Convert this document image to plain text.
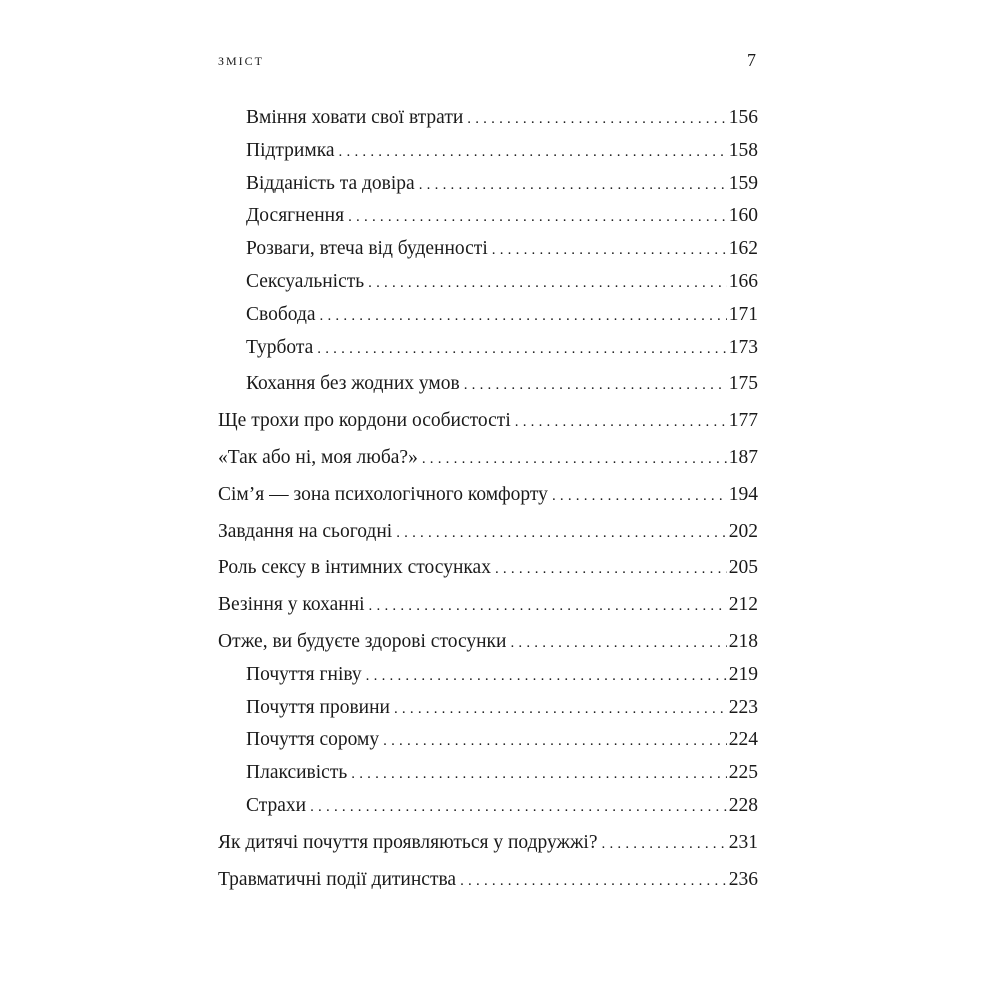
ЗМІСТ	7
Вміння ховати свої втрати .....	156
Підтримка .....	158
Відданість та довіра .....	159
Досягнення .....	160
Розваги, втеча від буденності .....	162
Сексуальність .....	166
Свобода .....	171
Турбота .....	173
Кохання без жодних умов .....	175
Ще трохи про кордони особистості .....	177
«Так або ні, моя люба?» .....	187
Сім’я — зона психологічного комфорту .....	194
Завдання на сьогодні .....	202
Роль сексу в інтимних стосунках .....	205
Везіння у коханні .....	212
Отже, ви будуєте здорові стосунки .....	218
Почуття гніву .....	219
Почуття провини .....	223
Почуття сорому .....	224
Плаксивість .....	225
Страхи .....	228
Як дитячі почуття проявляються у подружжі? .....	231
Травматичні події дитинства .....	236
